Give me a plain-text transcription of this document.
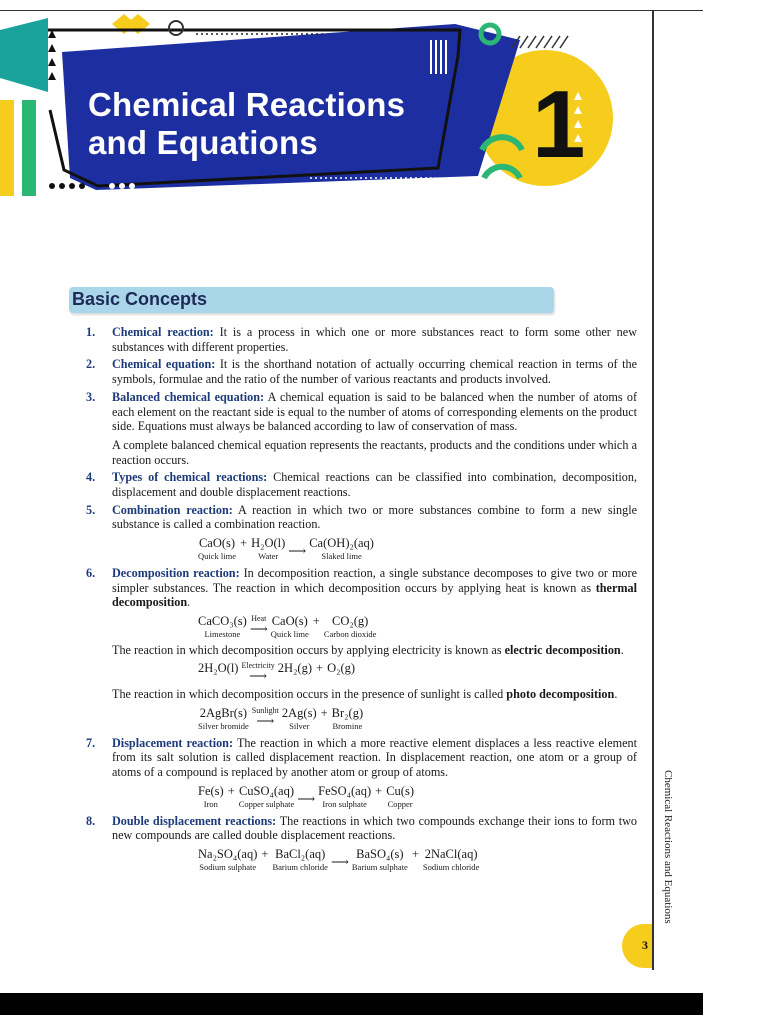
Chemical Reactions
and Equations	1
Basic Concepts
1.	Chemical reaction: It is a process in which one or more substances react to form some other new substances with different properties.

2.	Chemical equation: It is the shorthand notation of actually occurring chemical reaction in terms of the symbols, formulae and the ratio of the number of various reactants and products involved.

3.	Balanced chemical equation: A chemical equation is said to be balanced when the number of atoms of each element on the reactant side is equal to the number of atoms of corresponding elements on the product side. Equations must always be balanced according to law of conservation of mass.

A complete balanced chemical equation represents the reactants, products and the conditions under which a reaction occurs.

4.	Types of chemical reactions: Chemical reactions can be classified into combination, decomposition, displacement and double displacement reactions.

5.	Combination reaction: A reaction in which two or more substances combine to form a new single substance is called a combination reaction.

CaO(s)
Quick lime
+ H₂O(l)
Water
⟶
Ca(OH)₂(aq)
Slaked lime
6.	Decomposition reaction: In decomposition reaction, a single substance decomposes to give two or more simpler substances. The reaction in which decomposition occurs by applying heat is known as thermal decomposition.

CaCO₃(s)
Limestone
Heat
⟶
CaO(s)
Quick lime
+ CO₂(g)
Carbon dioxide

The reaction in which decomposition occurs by applying electricity is known as electric decomposition.

2H₂O(l) Electricity
⟶
2H₂(g) + O₂(g)

The reaction in which decomposition occurs in the presence of sunlight is called photo decomposition.

2AgBr(s)
Silver bromide
Sunlight
⟶
2Ag(s)
Silver
+ Br₂(g)
Bromine
7.	Displacement reaction: The reaction in which a more reactive element displaces a less reactive element from its salt solution is called displacement reaction. In displacement reaction, one atom or a group of atoms of a compound is replaced by another atom or group of atoms.

Fe(s)
Iron
+ CuSO₄(aq)
Copper sulphate
⟶
FeSO₄(aq)
Iron sulphate
+ Cu(s)
Copper
8.	Double displacement reactions: The reactions in which two compounds exchange their ions to form two new compounds are called double displacement reactions.

Na₂SO₄(aq)
Sodium sulphate
+ BaCl₂(aq)
Barium chloride
⟶
BaSO₄(s)
Barium sulphate
+ 2NaCl(aq)
Sodium chloride	Chemical Reactions and Equations
3
